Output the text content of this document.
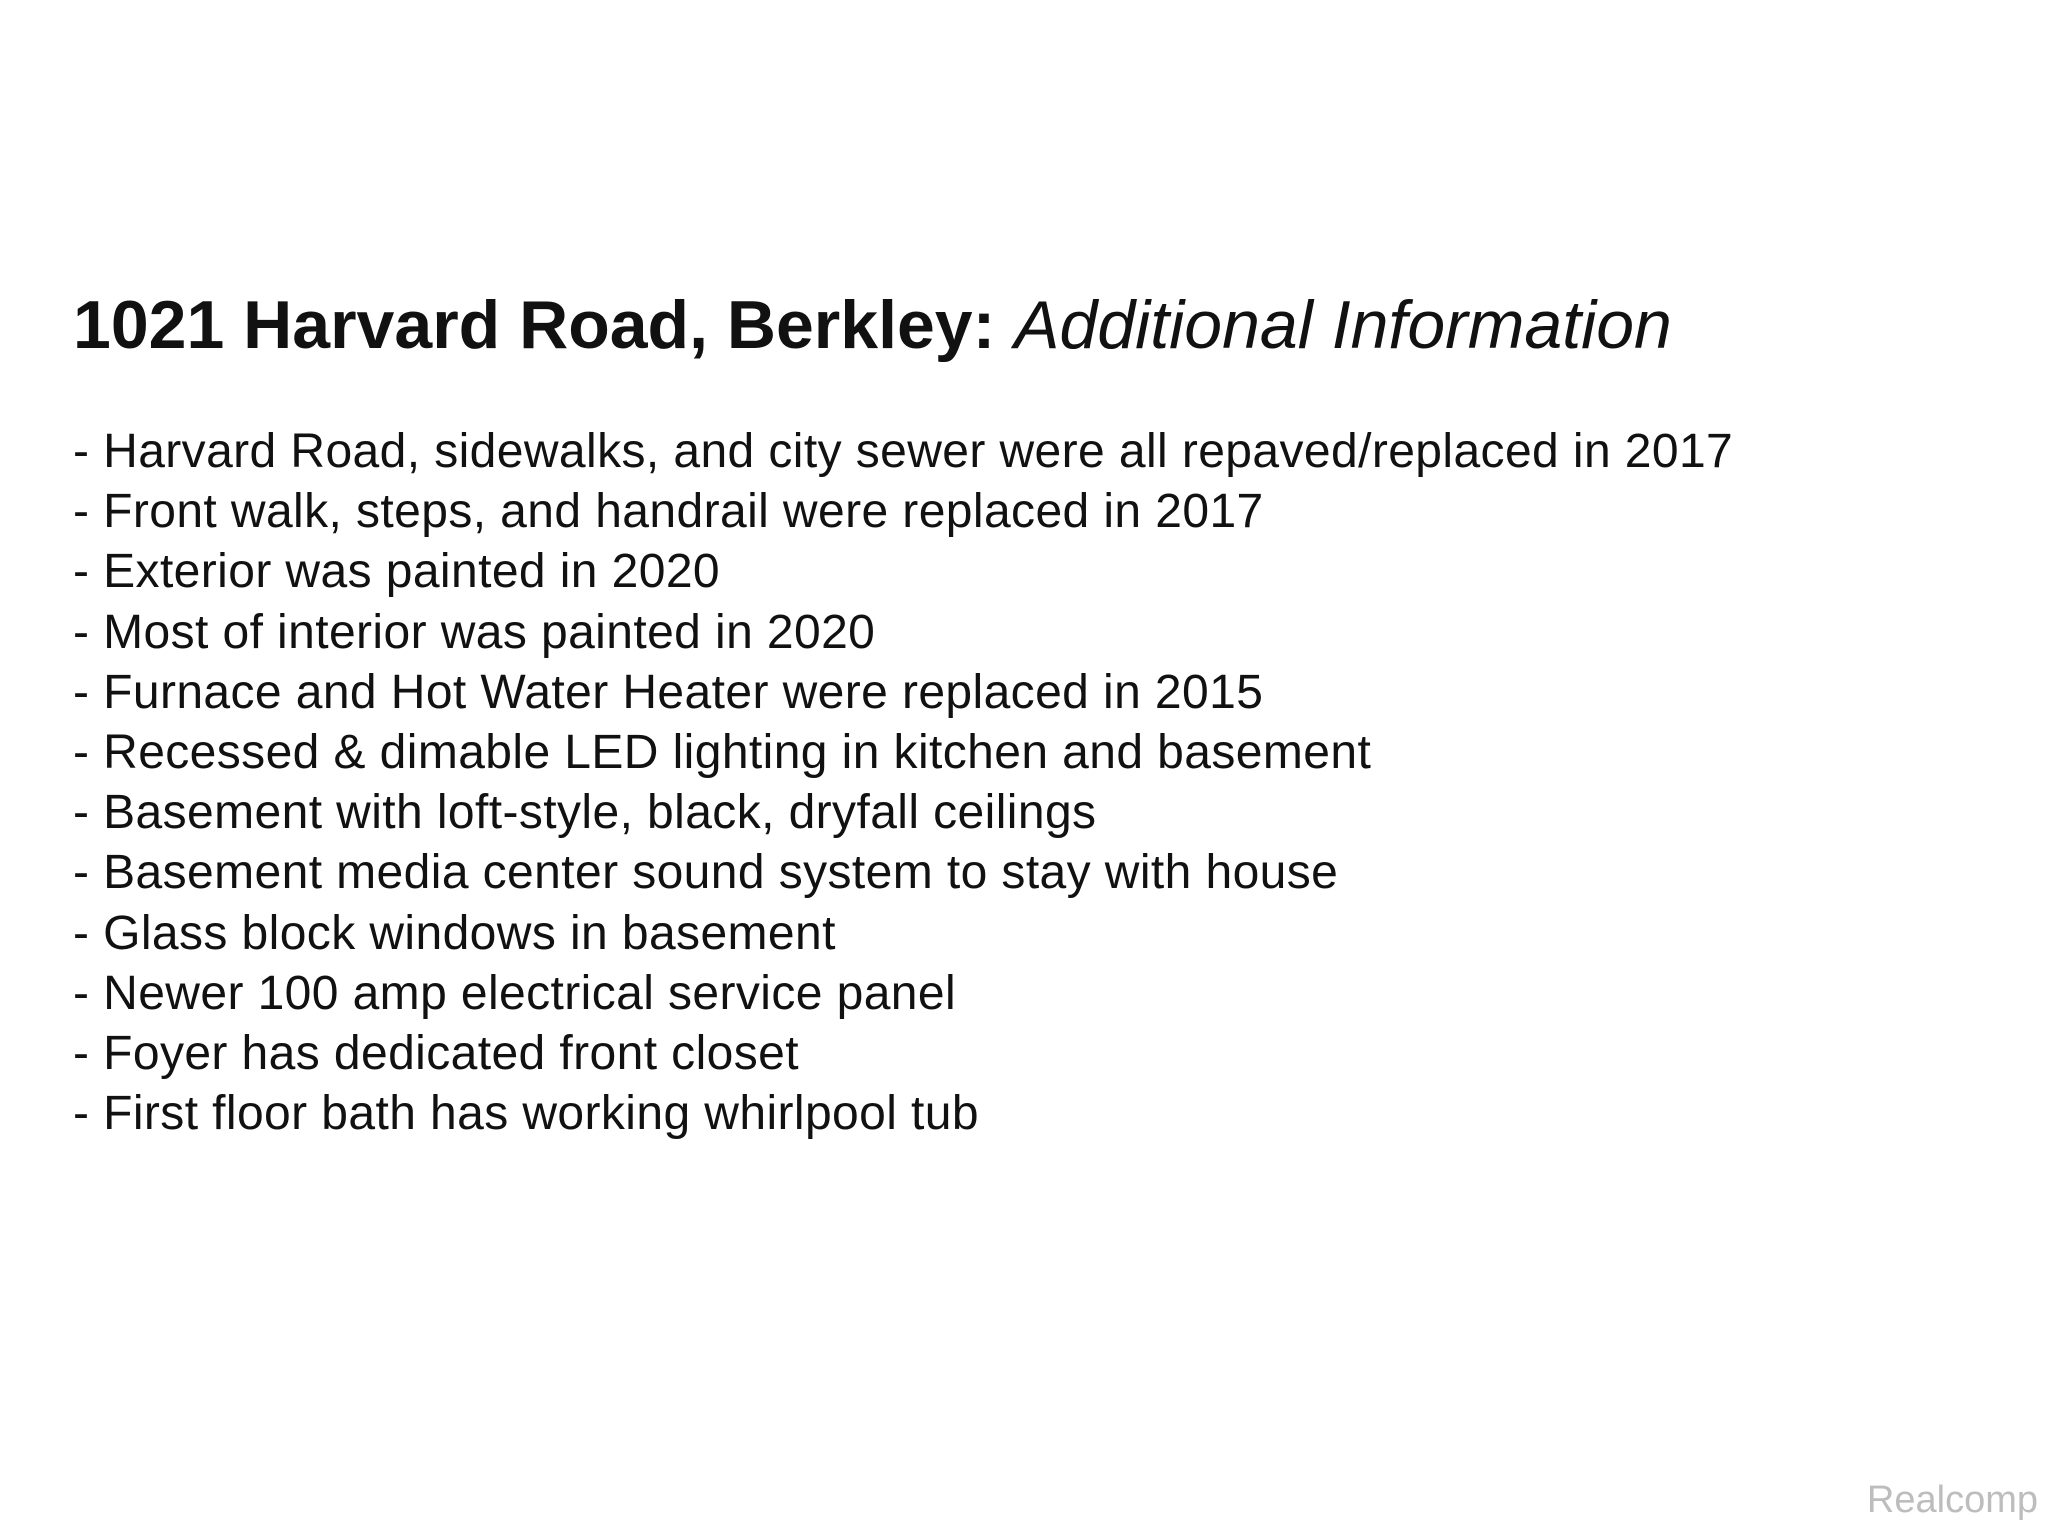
1021 Harvard Road, Berkley: Additional Information
- Harvard Road, sidewalks, and city sewer were all repaved/replaced in 2017
- Front walk, steps, and handrail were replaced in 2017
- Exterior was painted in 2020
- Most of interior was painted in 2020
- Furnace and Hot Water Heater were replaced in 2015
- Recessed & dimable LED lighting in kitchen and basement
- Basement with loft-style, black, dryfall ceilings
- Basement media center sound system to stay with house
- Glass block windows in basement
- Newer 100 amp electrical service panel
- Foyer has dedicated front closet
- First floor bath has working whirlpool tub
Realcomp
